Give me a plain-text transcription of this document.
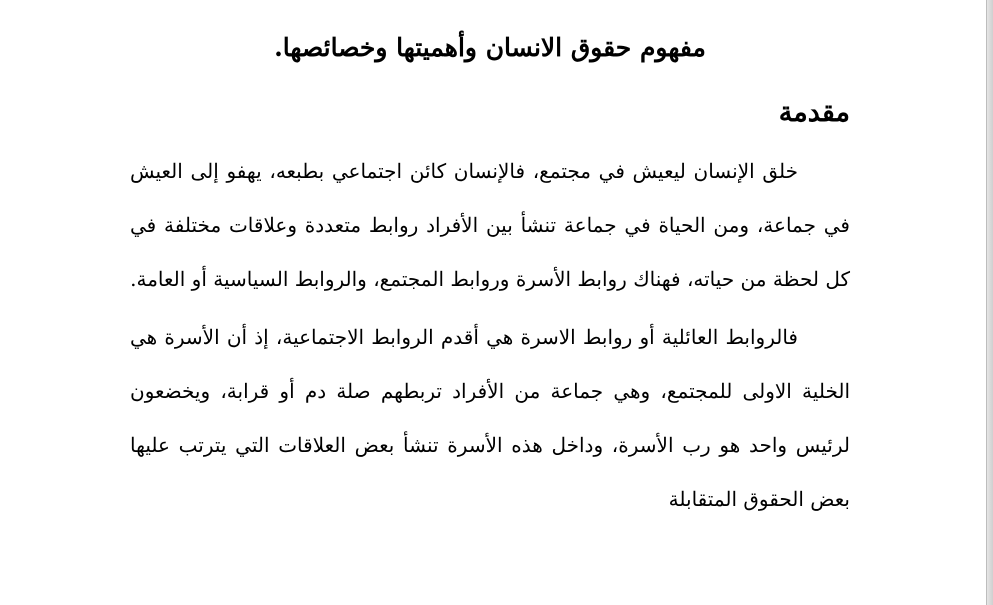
مفهوم حقوق الانسان وأهميتها وخصائصها.
مقدمة

خلق الإنسان ليعيش في مجتمع، فالإنسان كائن اجتماعي بطبعه، يهفو إلى العيش في جماعة، ومن الحياة في جماعة تنشأ بين الأفراد روابط متعددة وعلاقات مختلفة في كل لحظة من حياته، فهناك روابط الأسرة وروابط المجتمع، والروابط السياسية أو العامة.

فالروابط العائلية أو روابط الاسرة هي أقدم الروابط الاجتماعية، إذ أن الأسرة هي الخلية الاولى للمجتمع، وهي جماعة من الأفراد تربطهم صلة دم أو قرابة، ويخضعون لرئيس واحد هو رب الأسرة، وداخل هذه الأسرة تنشأ بعض العلاقات التي يترتب عليها بعض الحقوق المتقابلة
